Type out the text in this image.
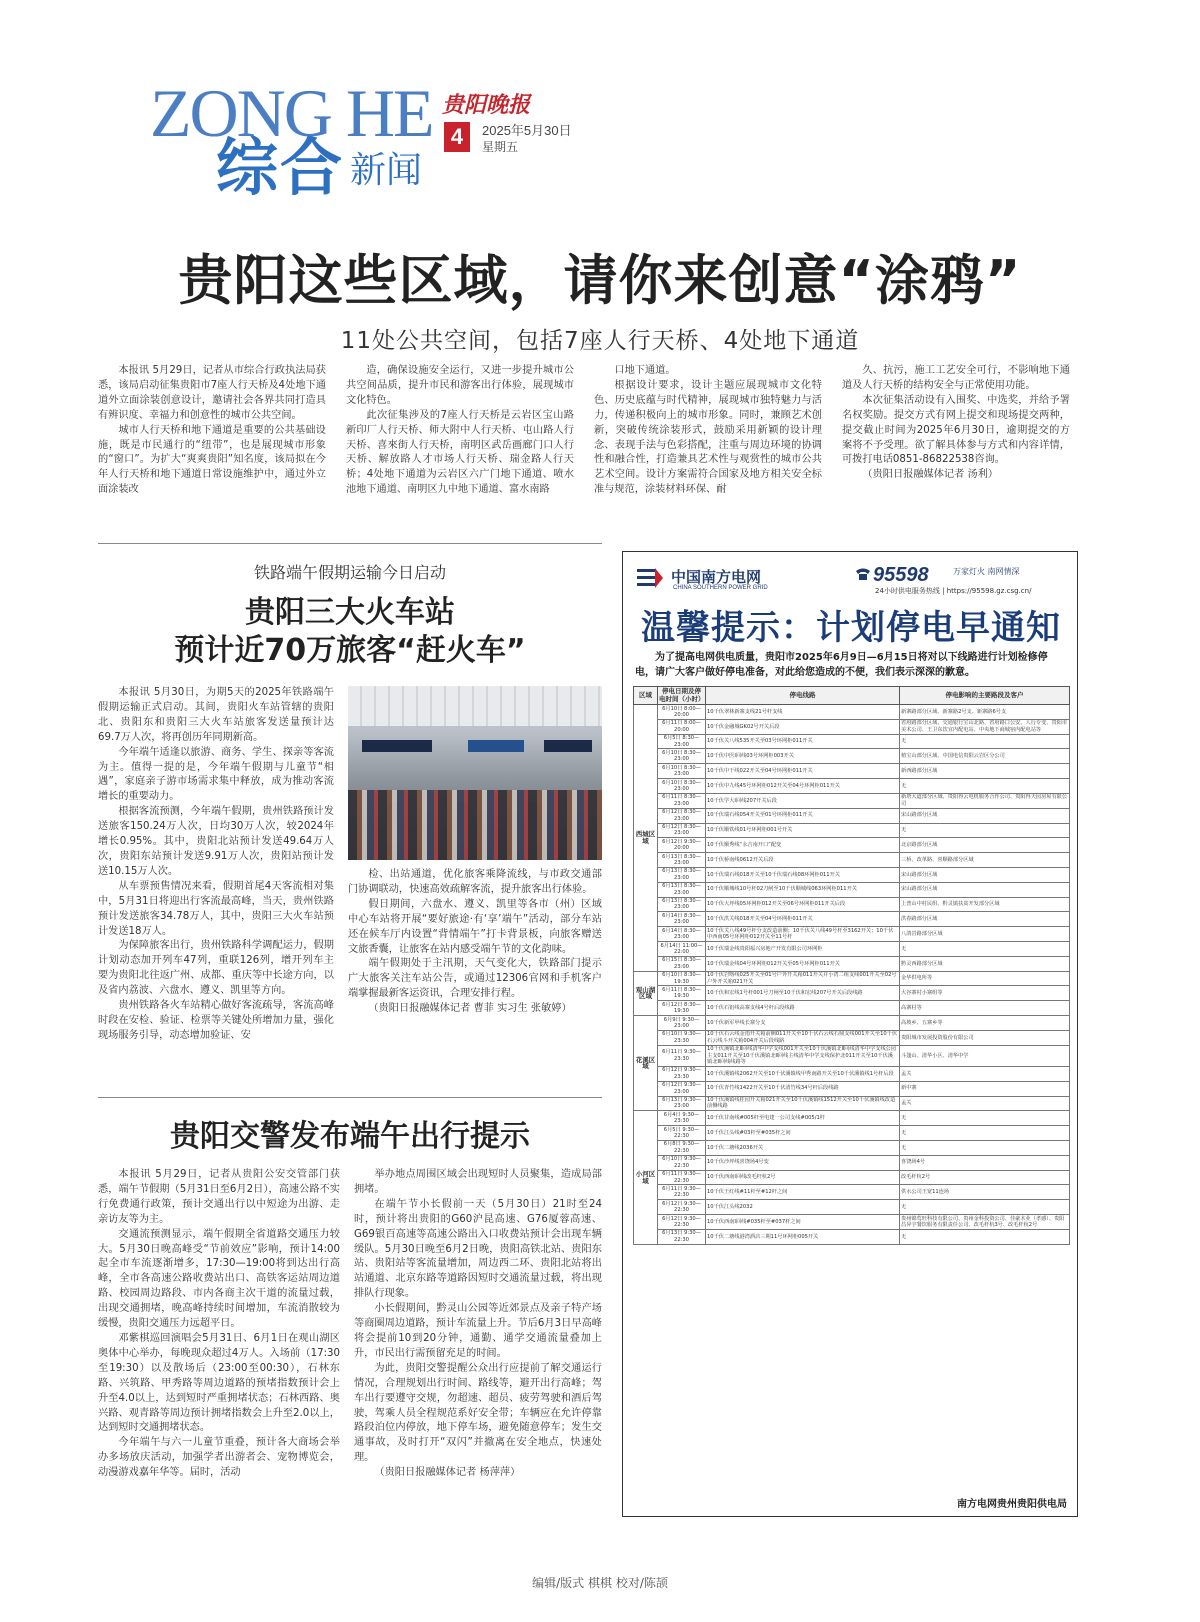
ZONG HE
综合 新闻
贵阳晚报
4	2025年5月30日
星期五
贵阳这些区域，请你来创意“涂鸦”
11处公共空间，包括7座人行天桥、4处地下通道
本报讯 5月29日，记者从市综合行政执法局获悉，该局启动征集贵阳市7座人行天桥及4处地下通道外立面涂装创意设计，邀请社会各界共同打造具有辨识度、幸福力和创意性的城市公共空间。
城市人行天桥和地下通道是重要的公共基础设施，既是市民通行的“纽带”，也是展现城市形象的“窗口”。为扩大“爽爽贵阳”知名度，该局拟在今年人行天桥和地下通道日常设施维护中，通过外立面涂装改
造，确保设施安全运行，又进一步提升城市公共空间品质，提升市民和游客出行体验，展现城市文化特色。
此次征集涉及的7座人行天桥是云岩区宝山路新印厂人行天桥、师大附中人行天桥、屯山路人行天桥、喜來街人行天桥，南明区武岳画廊门口人行天桥、解放路人才市场人行天桥、瑞金路人行天桥；4处地下通道为云岩区六广门地下通道、喷水池地下通道、南明区九中地下通道、富水南路
口地下通道。
根据设计要求，设计主题应展现城市文化特色、历史底蕴与时代精神，展现城市独特魅力与活力，传递积极向上的城市形象。同时，兼顾艺术创新，突破传统涂装形式，鼓励采用新颖的设计理念、表现手法与色彩搭配，注重与周边环境的协调性和融合性，打造兼具艺术性与观赏性的城市公共艺术空间。设计方案需符合国家及地方相关安全标准与规范，涂装材料环保、耐
久、抗污，施工工艺安全可行，不影响地下通道及人行天桥的结构安全与正常使用功能。
本次征集活动设有入围奖、中选奖，并给予署名权奖励。提交方式有网上提交和现场提交两种，提交截止时间为2025年6月30日，逾期提交的方案将不予受理。欲了解具体参与方式和内容详情，可拨打电话0851-86822538咨询。
（贵阳日报融媒体记者 汤利）
铁路端午假期运输今日启动
贵阳三大火车站
预计近70万旅客“赶火车”
本报讯 5月30日，为期5天的2025年铁路端午假期运输正式启动。其间，贵阳火车站管辖的贵阳北、贵阳东和贵阳三大火车站旅客发送量预计达69.7万人次，将再创历年同期新高。
今年端午适逢以旅游、商务、学生、探亲等客流为主。值得一提的是，今年端午假期与儿童节“相遇”，家庭亲子游市场需求集中释放，成为推动客流增长的重要动力。
根据客流预测，今年端午假期，贵州铁路预计发送旅客150.24万人次，日均30万人次，较2024年增长0.95%。其中，贵阳北站预计发送49.64万人次，贵阳东站预计发送9.91万人次，贵阳站预计发送10.15万人次。
从车票预售情况来看，假期首尾4天客流相对集中，5月31日将迎出行客流最高峰，当天，贵州铁路预计发送旅客34.78万人，其中，贵阳三大火车站预计发送18万人。
为保障旅客出行，贵州铁路科学调配运力，假期计划动态加开列车47列，重联126列，增开列车主要为贵阳北往返广州、成都、重庆等中长途方向，以及省内荔波、六盘水、遵义、凯里等方向。
贵州铁路各火车站精心做好客流疏导，客流高峰时段在安检、验证、检票等关键处所增加力量，强化现场服务引导，动态增加验证、安
检、出站通道，优化旅客乘降流线，与市政交通部门协调联动，快速高效疏解客流，提升旅客出行体验。
假日期间，六盘水、遵义、凯里等各市（州）区域中心车站将开展“要好旅途·有‘享’端午”活动，部分车站还在候车厅内设置“背情端午”打卡背景板，向旅客赠送文旅香囊，让旅客在站内感受端午节的文化韵味。
端午假期处于主汛期，天气变化大，铁路部门提示广大旅客关注车站公告，或通过12306官网和手机客户端掌握最新客运资讯，合理安排行程。
（贵阳日报融媒体记者 曹菲 实习生 张敏婷）
贵阳交警发布端午出行提示
本报讯 5月29日，记者从贵阳公安交管部门获悉，端午节假期（5月31日至6月2日），高速公路不实行免费通行政策，预计交通出行以中短途为出游、走亲访友等为主。
交通流预测显示，端午假期全省道路交通压力较大。5月30日晚高峰受“节前效应”影响，预计14:00起全市车流逐渐增多，17:30—19:00将到达出行高峰，全市各高速公路收费站出口、高铁客运站周边道路、校园周边路段、市内各商主次干道的流量过载，出现交通拥堵，晚高峰持续时间增加，车流消散较为缓慢，贵阳交通压力远超平日。
邓紫棋巡回演唱会5月31日、6月1日在观山湖区奥体中心举办，每晚现众超过4万人。入场前（17:30至19:30）以及散场后（23:00至00:30），石林东路、兴筑路、甲秀路等周边道路的预堵指数预计会上升至4.0以上，达到短时严重拥堵状态；石林西路、奥兴路、观青路等周边预计拥堵指数会上升至2.0以上，达到短时交通拥堵状态。
今年端午与六一儿童节重叠，预计各大商场会举办多场放庆活动，加强学者出游者会、宠物博览会，动漫游戏嘉年华等。届时，活动
举办地点周围区域会出现短时人员聚集，造成局部拥堵。
在端午节小长假前一天（5月30日）21时至24时，预计将出贵阳的G60沪昆高速、G76厦蓉高速、G69银百高速等高速公路出入口收费站预计会出现车辆缓队。5月30日晚至6月2日晚，贵阳高铁北站、贵阳东站、贵阳站等客流量增加，周边西二环、贵阳北站将出站通道、北京东路等道路因短时交通流量过载，将出现排队行现象。
小长假期间，黔灵山公园等近郊景点及亲子特产场等商圈周边道路，预计车流量上升。节后6月3日早高峰将会提前10到20分钟，通勤、通学交通流量叠加上升，市民出行需预留充足的时间。
为此，贵阳交警提醒公众出行应提前了解交通运行情况，合理规划出行时间、路线等，避开出行高峰；驾车出行要遵守交规，勿超速、超员、疲劳驾驶和酒后驾驶，驾乘人员全程规范系好安全带；车辆应在允许停靠路段泊位内停放，地下停车场，避免随意停车；发生交通事故，及时打开“双闪”并撤离在安全地点，快速处理。
（贵阳日报融媒体记者 杨萍萍）
中国南方电网
CHINA SOUTHERN POWER GRID
95598	万家灯火 南网情深
24小时供电服务热线 | https://95598.gz.csg.cn/
温馨提示：计划停电早通知
为了提高电网供电质量，贵阳市2025年6月9日—6月15日将对以下线路进行计划检修停电，请广大客户做好停电准备，对此给您造成的不便，我们表示深深的歉意。
区域	停电日期及停电时间（小时）	停电线路	停电影响的主要路段及客户
西城区域	6月10日 8:00—20:00	10千伏翠林新寨支线21号杆支线	新寨路部分区域、新寨路2号支、新寨路6号支
	6月11日 8:00—20:00	10千伏金融城GK02号开关后段	省府路部分区域、交通银行宝山北路、省府路口公安、人行专变、贵阳市美术公司、王卫东饮宜内配电站、中央地下商城宿内配电站等
	6月5日 8:30—23:00	10千伏关八线535开关至03号环网柜011开关	无
	6月10日 8:30—23:00	10千伏中医Ⅰ回线03号环网柜003开关	植宝山部分区域、中国电信贵阳云岩区分公司
	6月10日 8:30—23:00	10千伏中干线022开关至04号环网柜011开关	新西路部分区域
	6月10日 8:30—23:00	10千伏中九线45号环网柜012开关至04号环网柜011开关	无
	6月11日 8:30—23:00	10千伏学大Ⅰ回线207开关后段	新塔大道部分区域、贵阳得云电机服务合作公司、贵阳得天园房屋有限公司
	6月12日 8:30—23:00	10千伏瑞石线054开关至01号环网柜011开关	宋山路部分区域
	6月12日 8:30—23:00	10千伏顺铁线01号环网柜001号开关	无
	6月12日 9:30—20:00	10千伏顺秀线“永吉南开口”配变	北京路部分区域
	6月13日 8:30—23:00	10千伏桥南线0612开关后段	三桥、改革路、喜顺路部分区域
	6月13日 8:30—23:00	10千伏瑞石线018开关至10千伏瑞石线08环网柜011开关	宋山路部分区域
	6月13日 8:30—23:00	10千伏顺城线10号杆02刀闸至10千伏顺城线063环网柜011开关	宋山路部分区域
	6月13日 8:30—23:00	10千伏大坪线05环网柜012开关至06号环网柜011开关后段	上普山中村民组、黔灵镇扶贫开发部分区域
	6月14日 8:30—23:00	10千伏洪关线018开关至04号环网柜011开关	洪春路部分区域
	6月14日 8:30—23:00	10千伏关八线49号杆分支改造前侧；10千伏关八线49号杆至3162开关；10千伏中西南05号环网柜012开关至11号杆	八鸽岩路部分区域
	6月14日 11:00—22:00	10千伏瑞金线贵阳福兴房地产开发有限公司环网柜	无
	6月15日 8:30—23:00	10千伏瑞金线04号环网柜012开关至05号环网柜011开关	黔灵西路部分区域
观山湖区域	6月10日 8:30—19:30	10千伏岩喀线025开关至01号户外开关箱011开关并小湾二组支线001开关至02号户外开关箱021开关	金华供电所等
	6月11日 8:30—19:30	10千伏和宏线1号杆001号刀闸至10千伏和宏线207号开关后段线路	大谷寨村小寨组等
	6月12日 8:30—19:30	10千伏石铝线高寨支线4号杆后段线路	高寨村等
花溪区域	6月9日 9:30—23:00	10千伏新军甲线长寨分支	高坡乡、五寨乡等
	6月10日 9:30—23:30	10千伏石云线金雨开关箱前侧011开关至10千伏石云线石鼎支线001开关至10千伏石云线斗开关箱004开关后段线路	贵阳城市发展投资股份有限公司
	6月11日 9:30—23:30	10千伏溪镇北Ⅱ回线清华中学支线001开关至10千伏溪镇北Ⅱ回线清华中学支线公园主支011开关至10千伏溪镇北Ⅱ回线主线清华中学支线保护北011开关至10千伏溪镇北Ⅱ回线线路等	斗篷山、清华小区、清华中学
	6月12日 9:30—23:30	10千伏溪镇线2062开关至10千伏溪镇线甲秀南路开关至10千伏溪镇线1号杆后段	孟关
	6月12日 9:30—23:00	10千伏青竹线1422开关至10千伏清竹线34号杆后段线路	新中寨
	6月13日 9:30—23:00	10千伏溪镇线桂园开关箱021开关至10千伏溪镇线1512开关至10千伏溪镇线改造前侧线路	孟关
小河区域	6月4日 9:30—23:30	10千伏甘南线#005杆至电建一公司支线#005/1杆	无
	6月5日 9:30—22:30	10千伏江头线#03杆至#035杆之间	无
	6月8日 9:30—22:30	10千伏二塘线2036开关	无
	6月10日 9:30—22:30	10千伏沙坪线喜饶场4号变	喜饶场4号
	6月11日 9:30—22:30	10千伏西南Ⅰ回线改毛杆杭2号	改毛杆杭2号
	6月11日 9:30—22:30	10千伏王红线#11杆至#12杆之间	供水公司王宽11连场
	6月12日 9:30—22:30	10千伏江头线2032	无
	6月12日 9:30—22:30	10千伏西南Ⅰ回线#035杆至#037杆之间	贵州锦莺旺科技有限公司、贵州金科投资公司、佳豪木业（孝感）、贵阳昌昇宇餐饮服务有限责任公司、改毛杆杭3号、改毛杆杭2号
	6月13日 9:30—22:30	10千伏二塘线港湾酒店三期11号环网柜005开关	无
南方电网贵州贵阳供电局
编辑/版式 棋棋 校对/陈颉
